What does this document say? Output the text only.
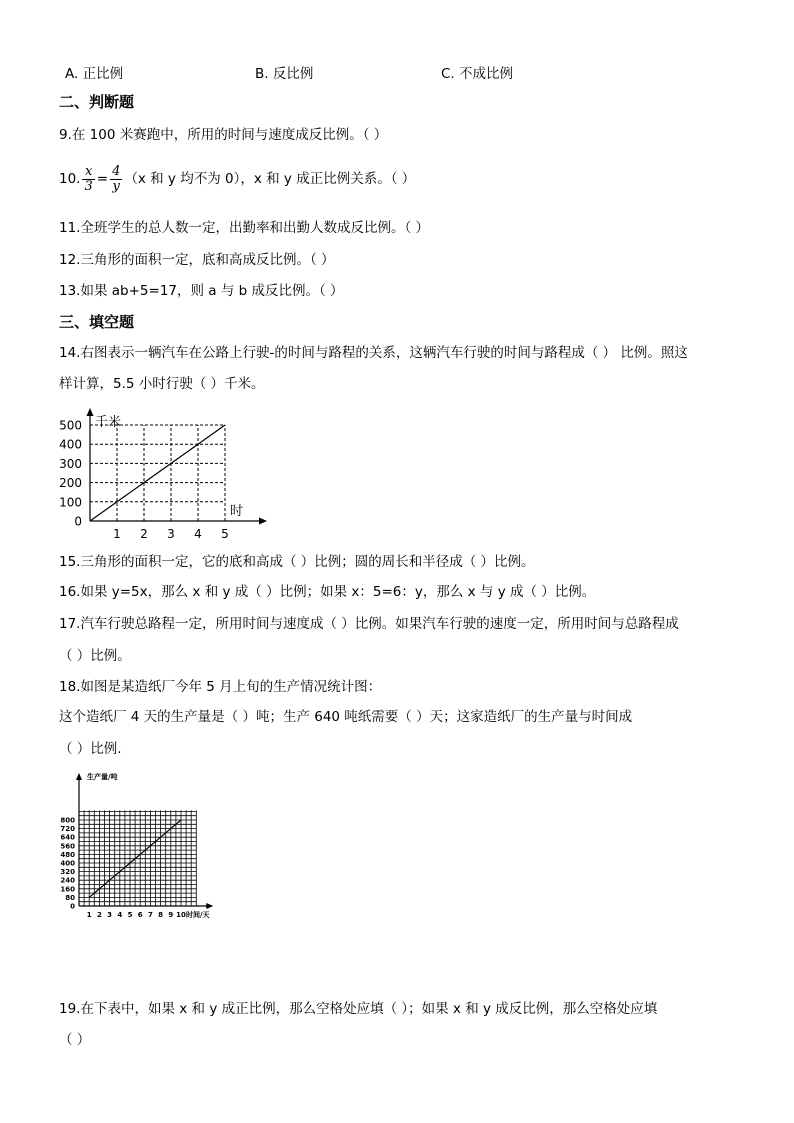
A. 正比例	B. 反比例	C. 不成比例
二、判断题
9.在 100 米赛跑中，所用的时间与速度成反比例。（ ）
10. $\frac{x}{3} = \frac{4}{y} (x$ 和 y 均不为 0），x 和 y 成正比例关系。（ ）
11.全班学生的总人数一定，出勤率和出勤人数成反比例。（ ）
12.三角形的面积一定，底和高成反比例。（ ）
13.如果 ab+5=17，则 a 与 b 成反比例。（ ）
三、填空题
14.右图表示一辆汽车在公路上行驶-的时间与路程的关系，这辆汽车行驶的时间与路程成（ ） 比例。照这
样计算，5.5 小时行驶（ ）千米。
0
100
200
300
400
500
1 2 3 4 5
千米
时
15.三角形的面积一定，它的底和高成（ ）比例；圆的周长和半径成（ ）比例。
16.如果 y=5x，那么 x 和 y 成（ ）比例；如果 x：5=6：y，那么 x 与 y 成（ ）比例。
17.汽车行驶总路程一定，所用时间与速度成（ ）比例。如果汽车行驶的速度一定，所用时间与总路程成
（ ）比例。
18.如图是某造纸厂今年 5 月上旬的生产情况统计图：
这个造纸厂 4 天的生产量是（ ）吨；生产 640 吨纸需要（ ）天；这家造纸厂的生产量与时间成
（ ）比例.
0
80
160
240
320
400
480
560
640
720
800
1 2 3 4 5 6 7 8 9 10
生产量/吨
时间/天
19.在下表中，如果 x 和 y 成正比例，那么空格处应填（ ）；如果 x 和 y 成反比例，那么空格处应填
（ ）
